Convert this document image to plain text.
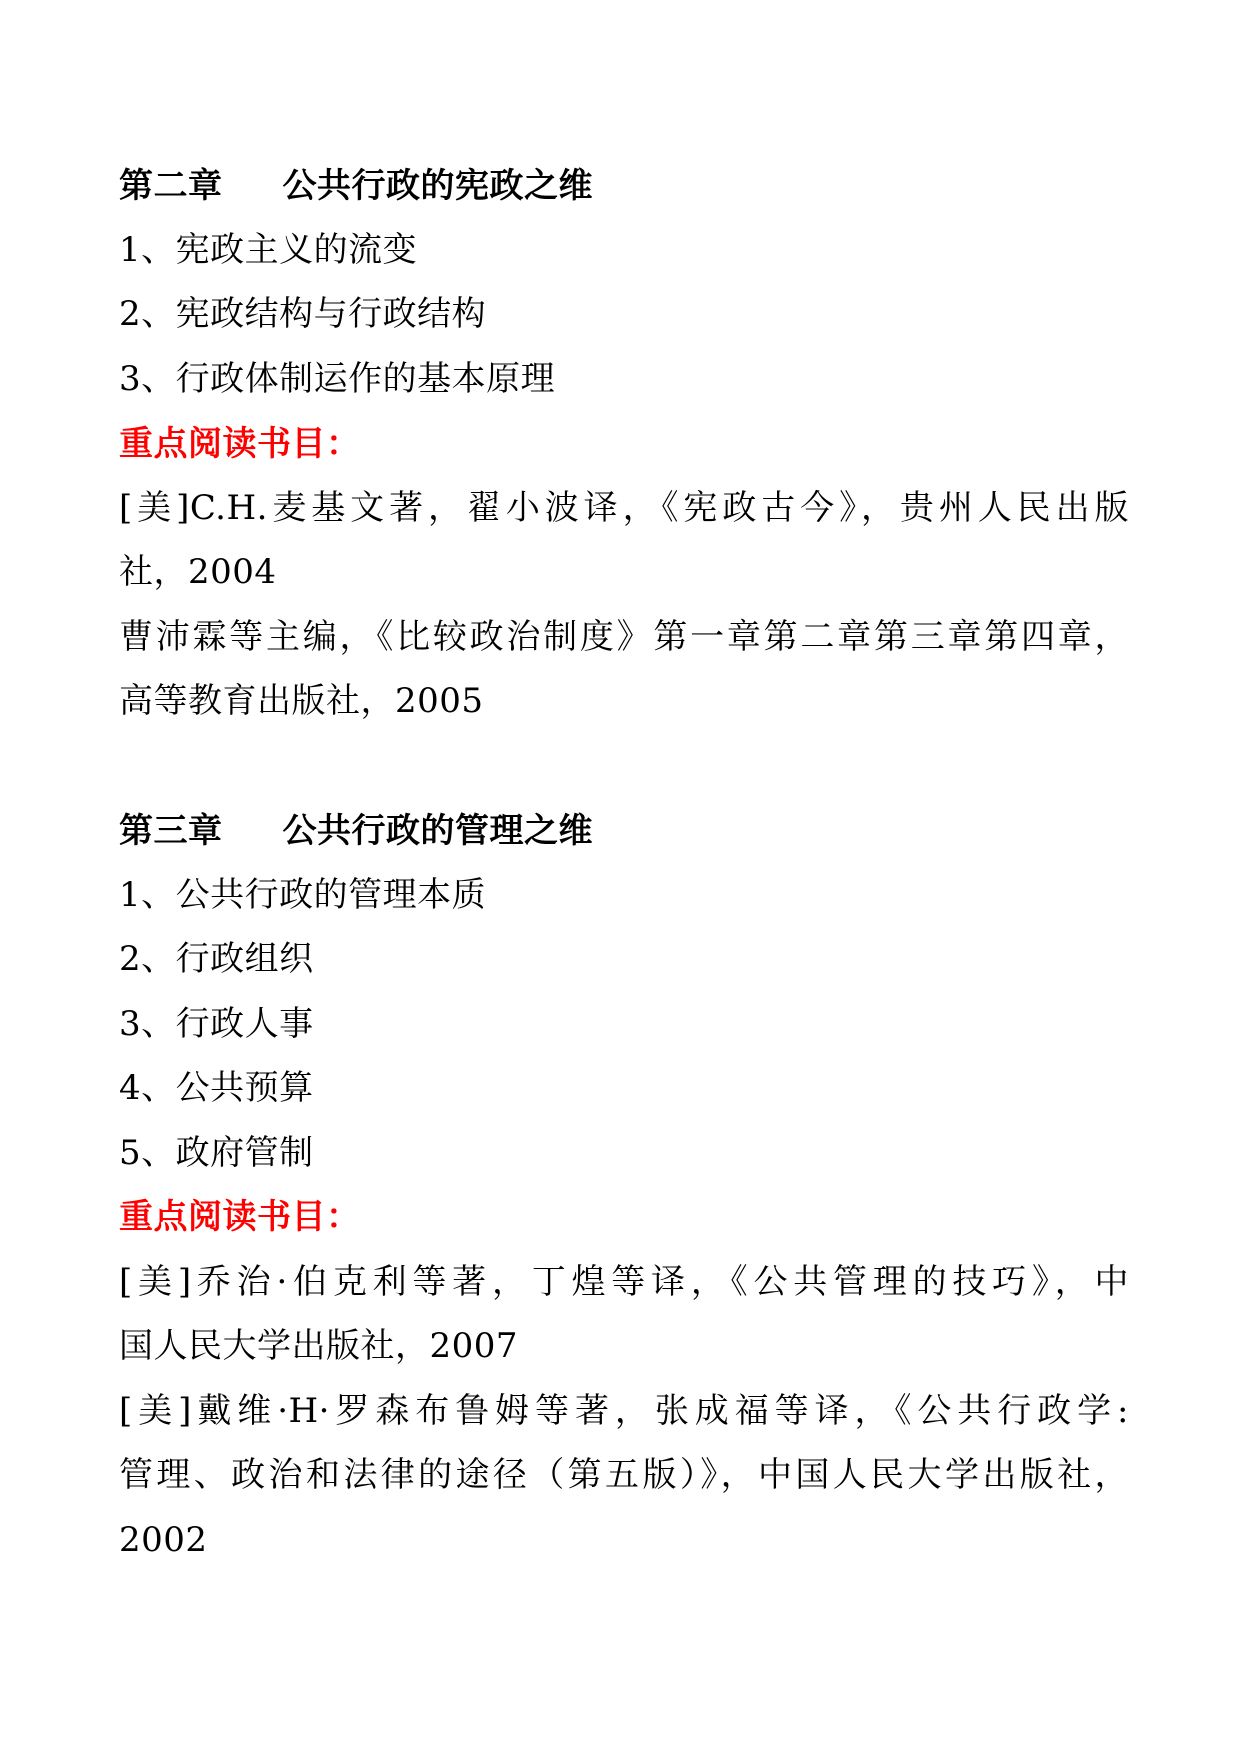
第二章 公共行政的宪政之维
1、宪政主义的流变
2、宪政结构与行政结构
3、行政体制运作的基本原理
重点阅读书目：
[美]C.H.麦基文著，翟小波译，《宪政古今》，贵州人民出版
社，2004
曹沛霖等主编，《比较政治制度》第一章第二章第三章第四章，
高等教育出版社，2005
第三章 公共行政的管理之维
1、公共行政的管理本质
2、行政组织
3、行政人事
4、公共预算
5、政府管制
重点阅读书目：
[美]乔治·伯克利等著，丁煌等译，《公共管理的技巧》，中
国人民大学出版社，2007
[美]戴维·H·罗森布鲁姆等著，张成福等译，《公共行政学:
管理、政治和法律的途径（第五版）》，中国人民大学出版社，
2002
